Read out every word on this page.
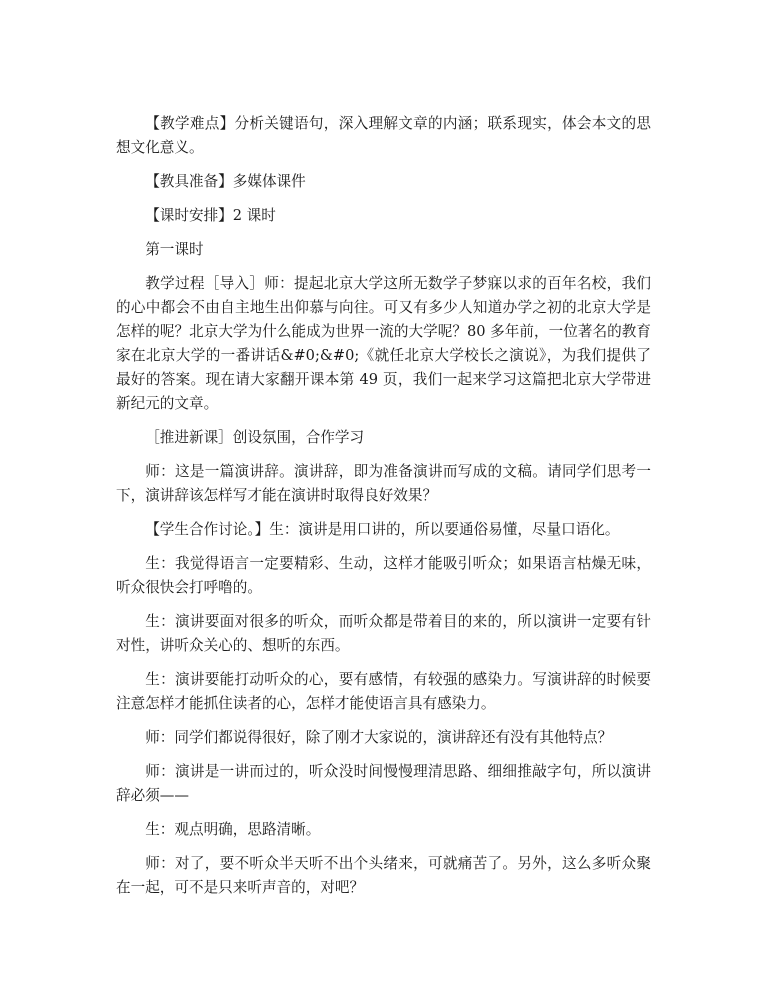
【教学难点】分析关键语句，深入理解文章的内涵；联系现实，体会本文的思想文化意义。

【教具准备】多媒体课件

【课时安排】2 课时

第一课时

教学过程［导入］师：提起北京大学这所无数学子梦寐以求的百年名校，我们的心中都会不由自主地生出仰慕与向往。可又有多少人知道办学之初的北京大学是怎样的呢？北京大学为什么能成为世界一流的大学呢？80 多年前，一位著名的教育家在北京大学的一番讲话&#0;&#0;《就任北京大学校长之演说》，为我们提供了最好的答案。现在请大家翻开课本第 49 页，我们一起来学习这篇把北京大学带进新纪元的文章。

［推进新课］创设氛围，合作学习

师：这是一篇演讲辞。演讲辞，即为准备演讲而写成的文稿。请同学们思考一下，演讲辞该怎样写才能在演讲时取得良好效果？

【学生合作讨论。】生：演讲是用口讲的，所以要通俗易懂，尽量口语化。

生：我觉得语言一定要精彩、生动，这样才能吸引听众；如果语言枯燥无味，听众很快会打呼噜的。

生：演讲要面对很多的听众，而听众都是带着目的来的，所以演讲一定要有针对性，讲听众关心的、想听的东西。

生：演讲要能打动听众的心，要有感情，有较强的感染力。写演讲辞的时候要注意怎样才能抓住读者的心，怎样才能使语言具有感染力。

师：同学们都说得很好，除了刚才大家说的，演讲辞还有没有其他特点？

师：演讲是一讲而过的，听众没时间慢慢理清思路、细细推敲字句，所以演讲辞必须——

生：观点明确，思路清晰。

师：对了，要不听众半天听不出个头绪来，可就痛苦了。另外，这么多听众聚在一起，可不是只来听声音的，对吧？
